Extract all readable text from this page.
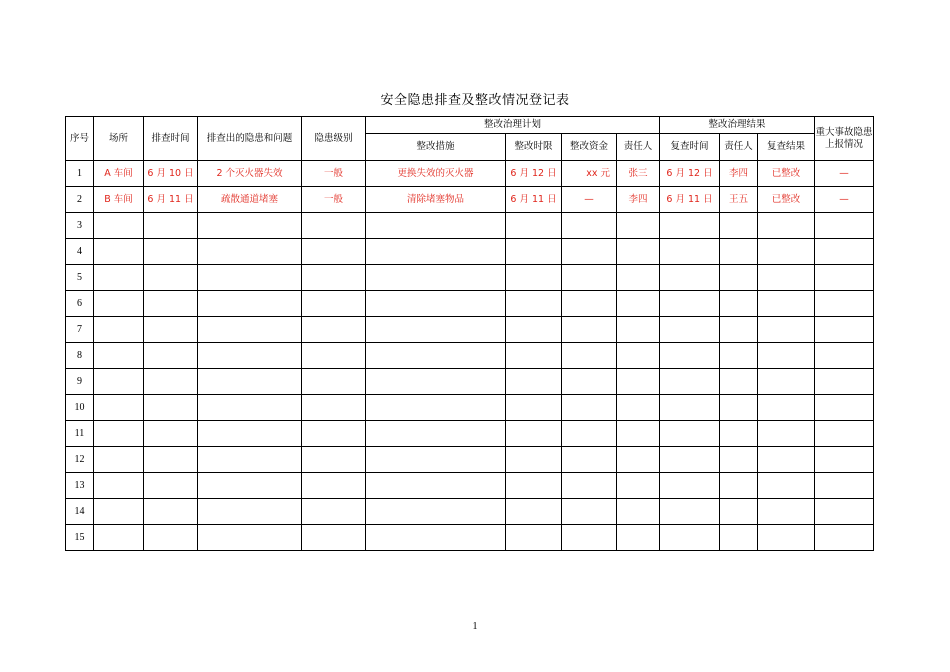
安全隐患排查及整改情况登记表
序号	场所	排查时间	排查出的隐患和问题	隐患级别	整改治理计划				整改治理结果			重大事故隐患上报情况
					整改措施	整改时限	整改资金	责任人	复查时间	责任人	复查结果	
1	A 车间	6 月 10 日	2 个灭火器失效	一般	更换失效的灭火器	6 月 12 日	xx 元	张三	6 月 12 日	李四	已整改	—
2	B 车间	6 月 11 日	疏散通道堵塞	一般	清除堵塞物品	6 月 11 日	—	李四	6 月 11 日	王五	已整改	—
3												
4												
5												
6												
7												
8												
9												
10												
11												
12												
13												
14												
15												
1
